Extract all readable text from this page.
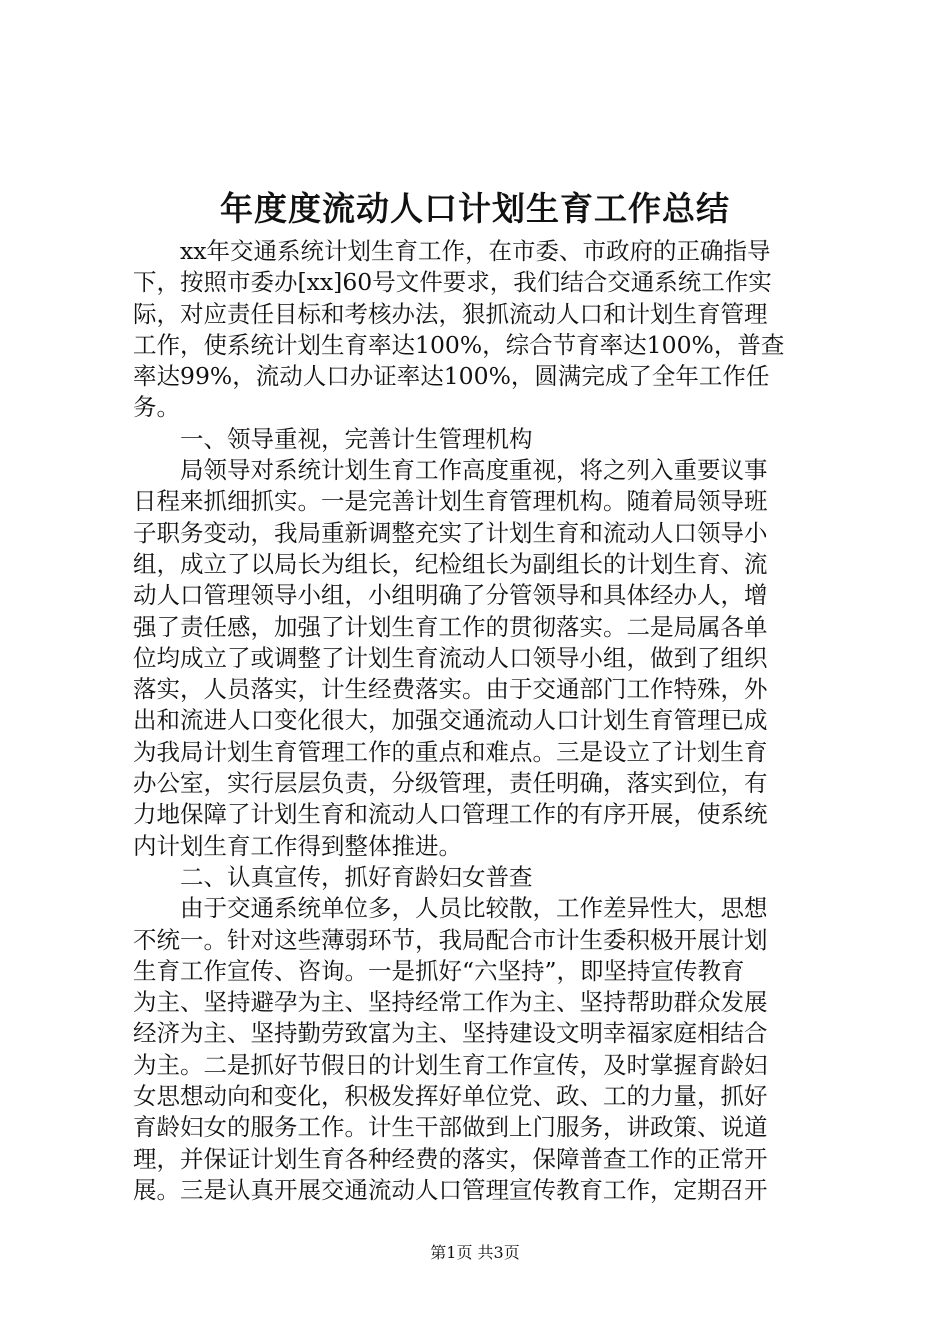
年度度流动人口计划生育工作总结
　　xx年交通系统计划生育工作，在市委、市政府的正确指导
下，按照市委办[xx]60号文件要求，我们结合交通系统工作实
际，对应责任目标和考核办法，狠抓流动人口和计划生育管理
工作，使系统计划生育率达100%，综合节育率达100%，普查
率达99%，流动人口办证率达100%，圆满完成了全年工作任
务。
　　一、领导重视，完善计生管理机构
　　局领导对系统计划生育工作高度重视，将之列入重要议事
日程来抓细抓实。一是完善计划生育管理机构。随着局领导班
子职务变动，我局重新调整充实了计划生育和流动人口领导小
组，成立了以局长为组长，纪检组长为副组长的计划生育、流
动人口管理领导小组，小组明确了分管领导和具体经办人，增
强了责任感，加强了计划生育工作的贯彻落实。二是局属各单
位均成立了或调整了计划生育流动人口领导小组，做到了组织
落实，人员落实，计生经费落实。由于交通部门工作特殊，外
出和流进人口变化很大，加强交通流动人口计划生育管理已成
为我局计划生育管理工作的重点和难点。三是设立了计划生育
办公室，实行层层负责，分级管理，责任明确，落实到位，有
力地保障了计划生育和流动人口管理工作的有序开展，使系统
内计划生育工作得到整体推进。
　　二、认真宣传，抓好育龄妇女普查
　　由于交通系统单位多，人员比较散，工作差异性大，思想
不统一。针对这些薄弱环节，我局配合市计生委积极开展计划
生育工作宣传、咨询。一是抓好“六坚持”，即坚持宣传教育
为主、坚持避孕为主、坚持经常工作为主、坚持帮助群众发展
经济为主、坚持勤劳致富为主、坚持建设文明幸福家庭相结合
为主。二是抓好节假日的计划生育工作宣传，及时掌握育龄妇
女思想动向和变化，积极发挥好单位党、政、工的力量，抓好
育龄妇女的服务工作。计生干部做到上门服务，讲政策、说道
理，并保证计划生育各种经费的落实，保障普查工作的正常开
展。三是认真开展交通流动人口管理宣传教育工作，定期召开
第1页 共3页
